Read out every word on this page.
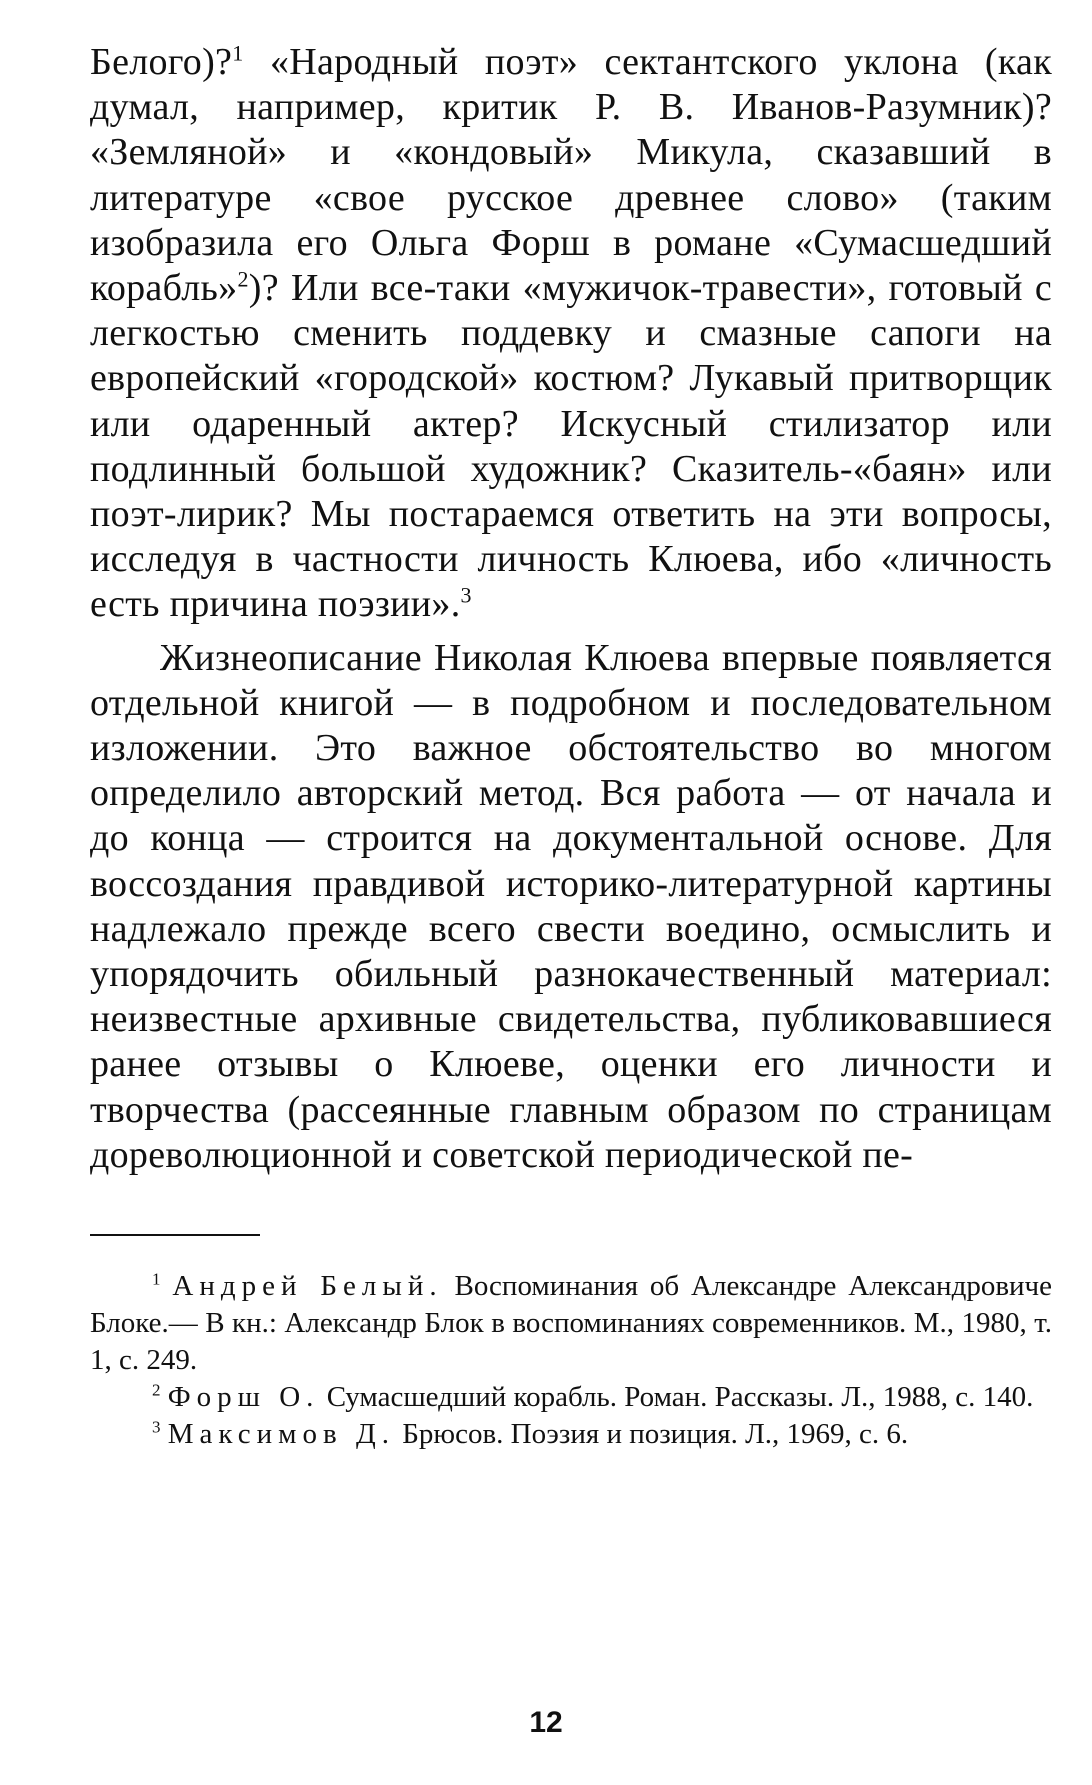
Белого)?$^1$ «Народный поэт» сектантского уклона (как думал, например, критик Р. В. Иванов-Разумник)? «Земляной» и «кондовый» Микула, сказавший в литературе «свое русское древнее слово» (таким изобразила его Ольга Форш в романе «Сумасшедший корабль»$^2$)? Или все-таки «мужичок-травести», готовый с легкостью сменить поддевку и смазные сапоги на европейский «городской» костюм? Лукавый притворщик или одаренный актер? Искусный стилизатор или подлинный большой художник? Сказитель-«баян» или поэт-лирик? Мы постараемся ответить на эти вопросы, исследуя в частности личность Клюева, ибо «личность есть причина поэзии».$^3$

Жизнеописание Николая Клюева впервые появляется отдельной книгой — в подробном и последовательном изложении. Это важное обстоятельство во многом определило авторский метод. Вся работа — от начала и до конца — строится на документальной основе. Для воссоздания правдивой историко-литературной картины надлежало прежде всего свести воедино, осмыслить и упорядочить обильный разнокачественный материал: неизвестные архивные свидетельства, публиковавшиеся ранее отзывы о Клюеве, оценки его личности и творчества (рассеянные главным образом по страницам дореволюционной и советской периодической пе-

$^1$ Андрей Белый. Воспоминания об Александре Александровиче Блоке.— В кн.: Александр Блок в воспоминаниях современников. М., 1980, т. 1, с. 249.

$^2$ Форш О. Сумасшедший корабль. Роман. Рассказы. Л., 1988, с. 140.

$^3$ Максимов Д. Брюсов. Поэзия и позиция. Л., 1969, с. 6.

12
